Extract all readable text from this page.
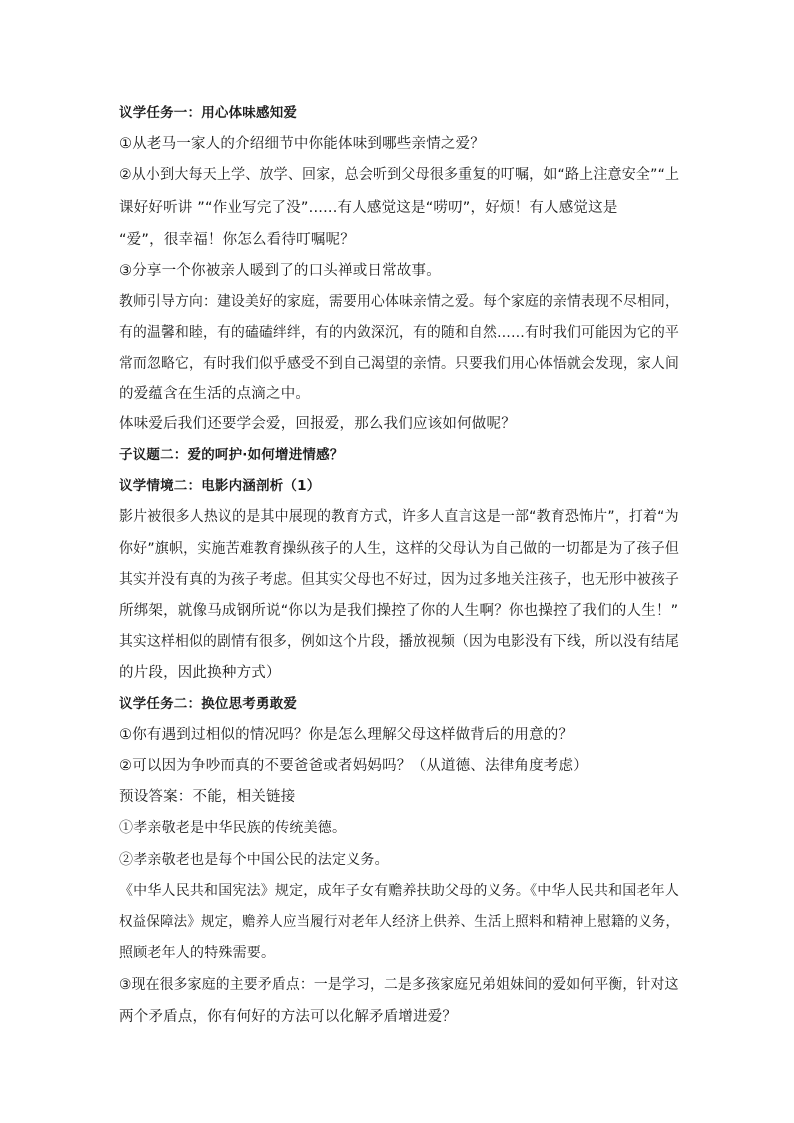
议学任务一：用心体味感知爱
①从老马一家人的介绍细节中你能体味到哪些亲情之爱？
②从小到大每天上学、放学、回家，总会听到父母很多重复的叮嘱，如“路上注意安全”“上
课好好听讲 ”“作业写完了没”......有人感觉这是“唠叨”，好烦！有人感觉这是
“爱”，很幸福！你怎么看待叮嘱呢？
③分享一个你被亲人暖到了的口头禅或日常故事。
教师引导方向：建设美好的家庭，需要用心体味亲情之爱。每个家庭的亲情表现不尽相同，
有的温馨和睦，有的磕磕绊绊，有的内敛深沉，有的随和自然……有时我们可能因为它的平
常而忽略它，有时我们似乎感受不到自己渴望的亲情。只要我们用心体悟就会发现，家人间
的爱蕴含在生活的点滴之中。
体味爱后我们还要学会爱，回报爱，那么我们应该如何做呢？
子议题二：爱的呵护·如何增进情感？
议学情境二：电影内涵剖析（1）
影片被很多人热议的是其中展现的教育方式，许多人直言这是一部“教育恐怖片”，打着“为
你好”旗帜，实施苦难教育操纵孩子的人生，这样的父母认为自己做的一切都是为了孩子但
其实并没有真的为孩子考虑。但其实父母也不好过，因为过多地关注孩子，也无形中被孩子
所绑架，就像马成钢所说“你以为是我们操控了你的人生啊？你也操控了我们的人生！”
其实这样相似的剧情有很多，例如这个片段，播放视频（因为电影没有下线，所以没有结尾
的片段，因此换种方式）
议学任务二：换位思考勇敢爱
①你有遇到过相似的情况吗？你是怎么理解父母这样做背后的用意的？
②可以因为争吵而真的不要爸爸或者妈妈吗？（从道德、法律角度考虑）
预设答案：不能，相关链接
①孝亲敬老是中华民族的传统美德。
②孝亲敬老也是每个中国公民的法定义务。
《中华人民共和国宪法》规定，成年子女有赡养扶助父母的义务。《中华人民共和国老年人
权益保障法》规定，赡养人应当履行对老年人经济上供养、生活上照料和精神上慰籍的义务，
照顾老年人的特殊需要。
③现在很多家庭的主要矛盾点：一是学习，二是多孩家庭兄弟姐妹间的爱如何平衡，针对这
两个矛盾点，你有何好的方法可以化解矛盾增进爱？
